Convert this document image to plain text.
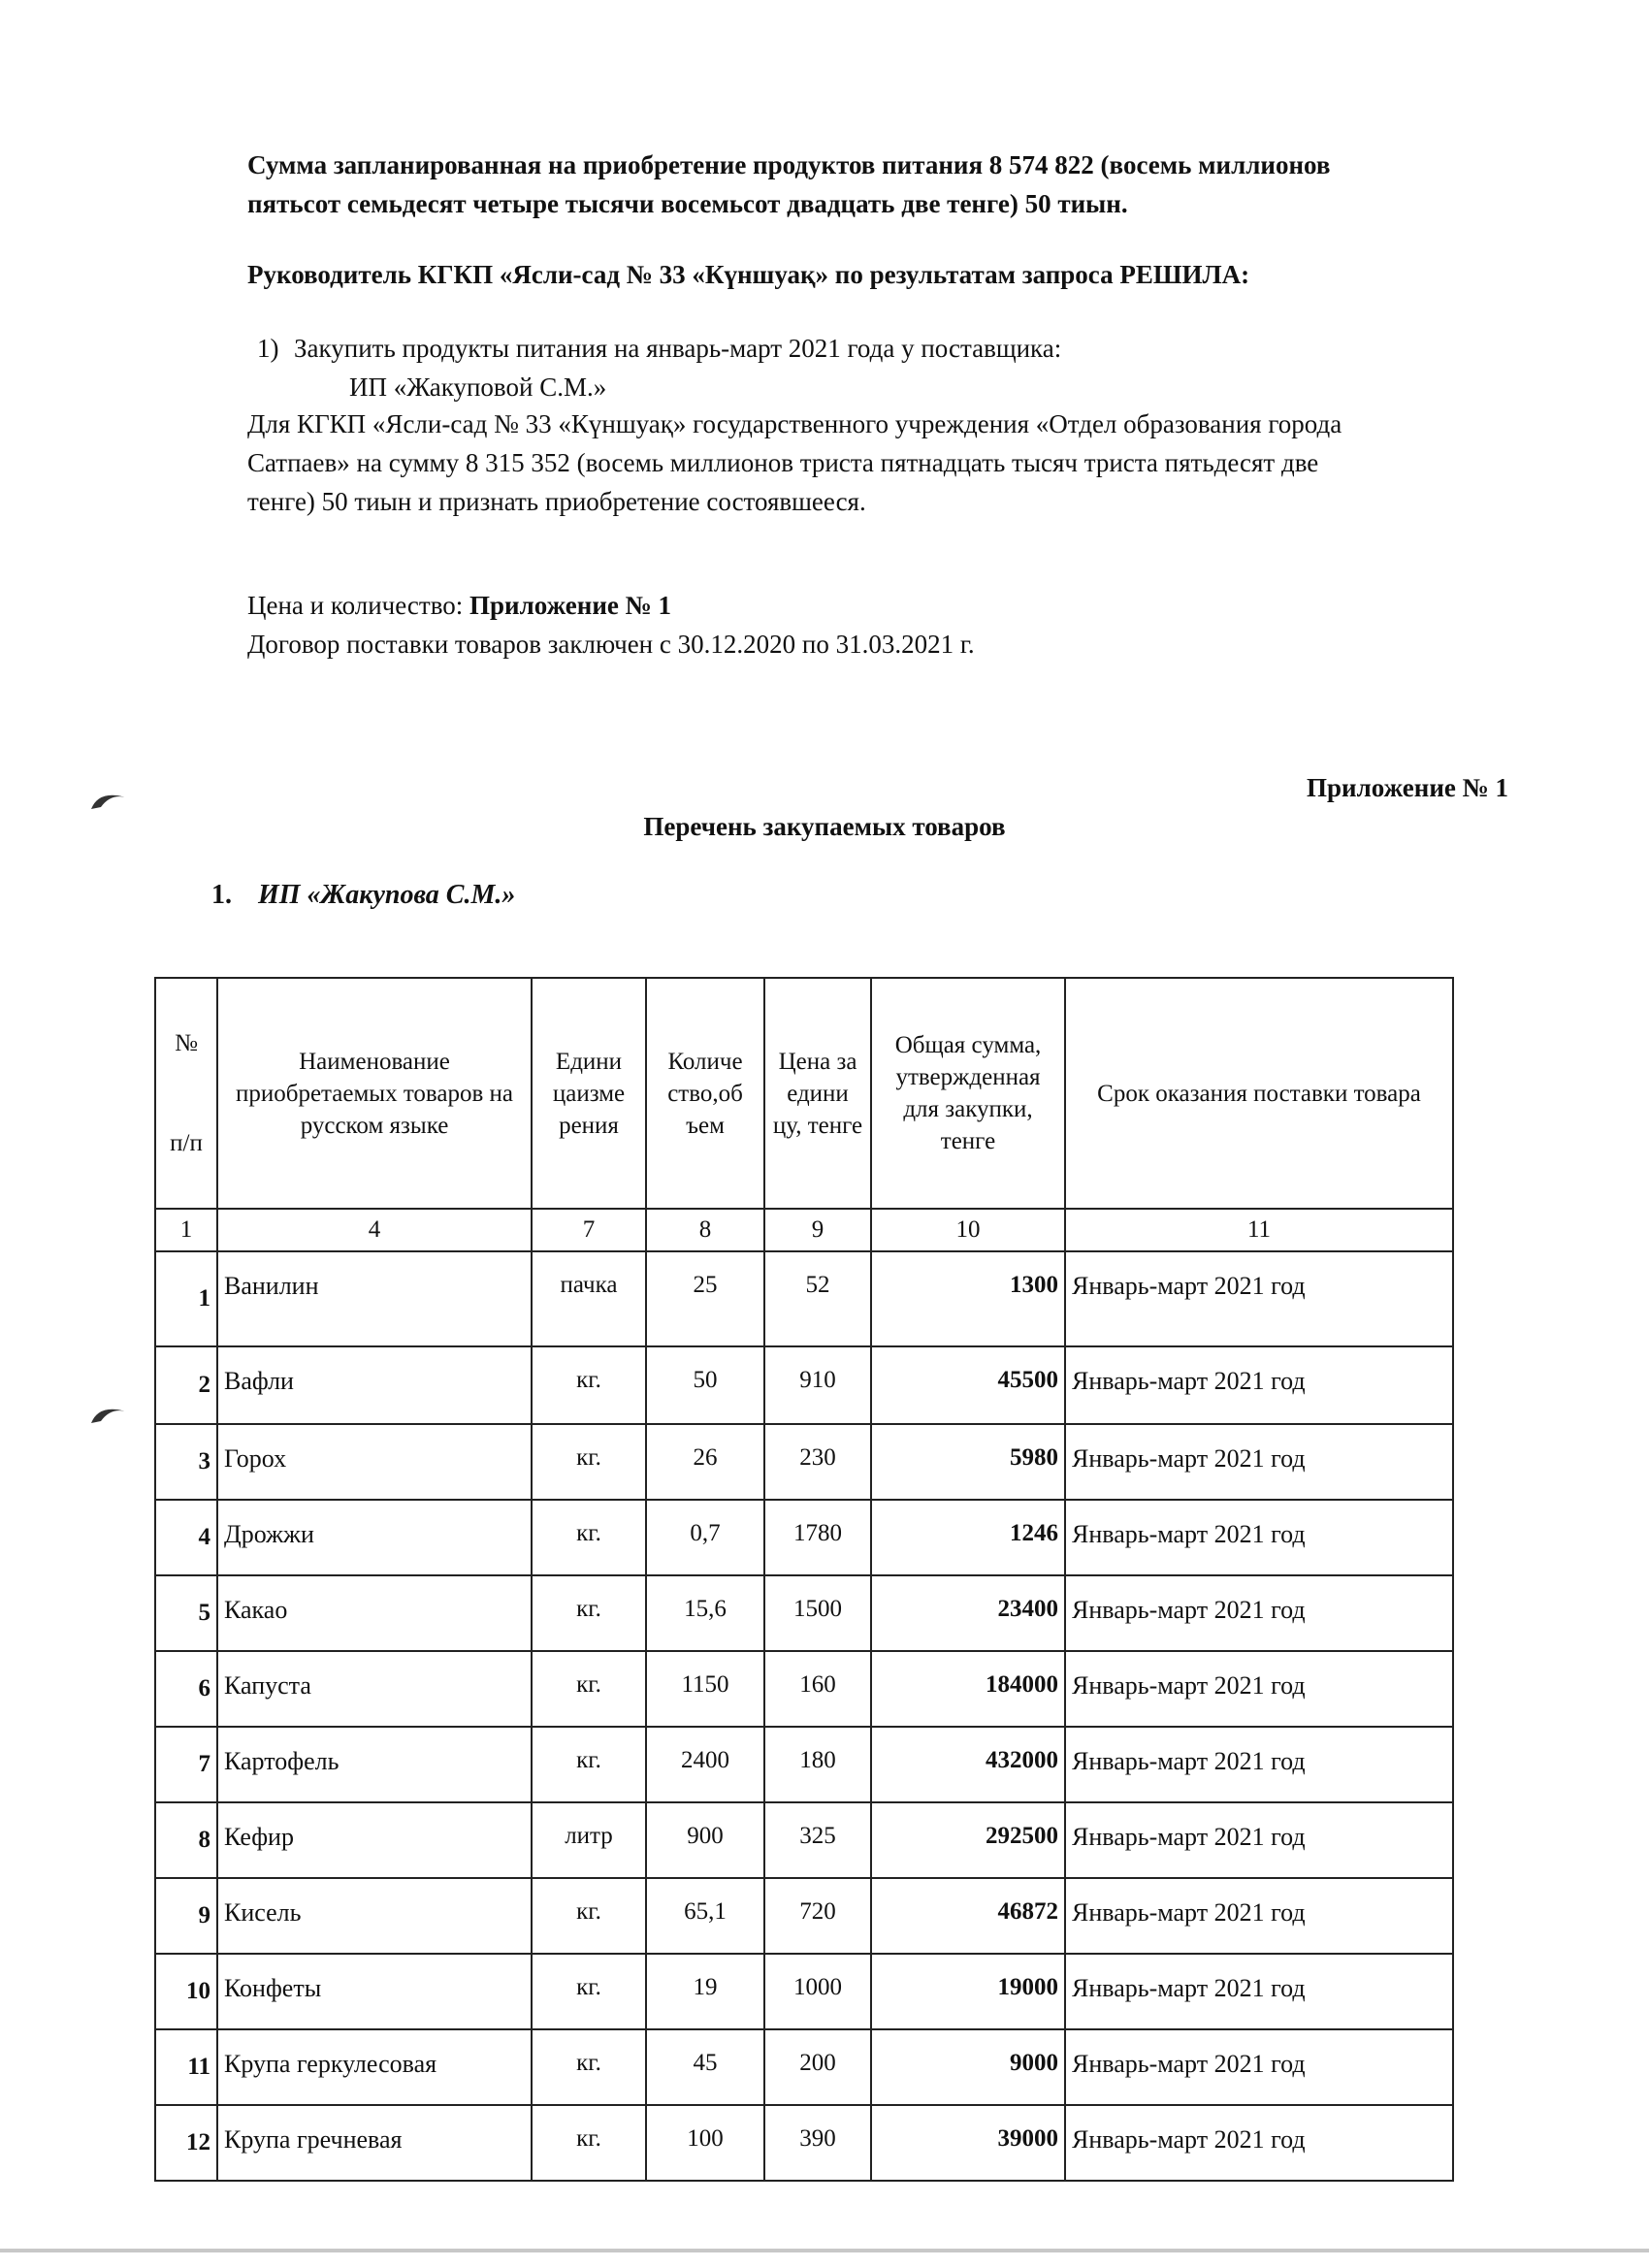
Сумма запланированная на приобретение продуктов питания 8 574 822 (восемь миллионов

пятьсот семьдесят четыре тысячи восемьсот двадцать две тенге) 50 тиын.

Руководитель КГКП «Ясли-сад № 33 «Күншуақ» по результатам запроса РЕШИЛА:

1) Закупить продукты питания на январь-март 2021 года у поставщика:
ИП «Жакуповой С.М.»

Для КГКП «Ясли-сад № 33 «Күншуақ» государственного учреждения «Отдел образования города

Сатпаев» на сумму 8 315 352 (восемь миллионов триста пятнадцать тысяч триста пятьдесят две

тенге) 50 тиын и признать приобретение состоявшееся.

Цена и количество: Приложение № 1

Договор поставки товаров заключен с 30.12.2020 по 31.03.2021 г.

Приложение № 1
Перечень закупаемых товаров
1. ИП «Жакупова С.М.»
№
п/п	Наименование приобретаемых товаров на русском языке	Едини цаизме рения	Количе ство,об ъем	Цена за едини цу, тенге	Общая сумма, утвержденная для закупки, тенге	Срок оказания поставки товара
1	4	7	8	9	10	11
1	Ванилин	пачка	25	52	1300	Январь-март 2021 год
2	Вафли	кг.	50	910	45500	Январь-март 2021 год
3	Горох	кг.	26	230	5980	Январь-март 2021 год
4	Дрожжи	кг.	0,7	1780	1246	Январь-март 2021 год
5	Какао	кг.	15,6	1500	23400	Январь-март 2021 год
6	Капуста	кг.	1150	160	184000	Январь-март 2021 год
7	Картофель	кг.	2400	180	432000	Январь-март 2021 год
8	Кефир	литр	900	325	292500	Январь-март 2021 год
9	Кисель	кг.	65,1	720	46872	Январь-март 2021 год
10	Конфеты	кг.	19	1000	19000	Январь-март 2021 год
11	Крупа геркулесовая	кг.	45	200	9000	Январь-март 2021 год
12	Крупа гречневая	кг.	100	390	39000	Январь-март 2021 год
